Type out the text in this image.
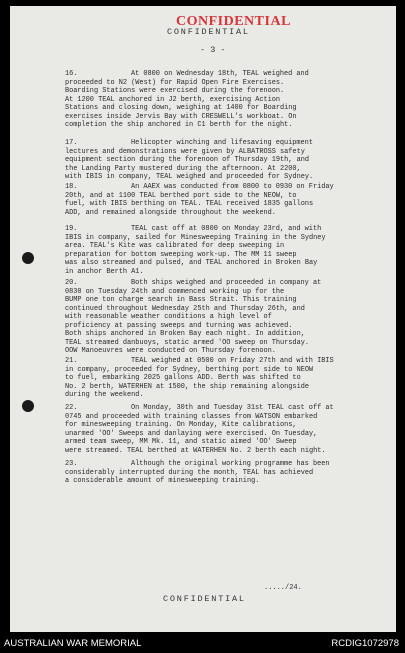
CONFIDENTIAL
CONFIDENTIAL
- 3 -
16.	At 0800 on Wednesday 18th, TEAL weighed and
proceeded to N2 (West) for Rapid Open Fire Exercises.
Boarding Stations were exercised during the forenoon.
At 1200 TEAL anchored in J2 berth, exercising Action
Stations and closing down, weighing at 1400 for Boarding
exercises inside Jervis Bay with CRESWELL's workboat. On
completion the ship anchored in C1 berth for the night.
17.	Helicopter winching and lifesaving equipment
lectures and demonstrations were given by ALBATROSS safety
equipment section during the forenoon of Thursday 19th, and
the Landing Party mustered during the afternoon. At 2200,
with IBIS in company, TEAL weighed and proceeded for Sydney.
18.	An AAEX was conducted from 0800 to 0930 on Friday
20th, and at 1100 TEAL berthed port side to the NEOW, to
fuel, with IBIS berthing on TEAL. TEAL received 1835 gallons
ADD, and remained alongside throughout the weekend.
19.	TEAL cast off at 0800 on Monday 23rd, and with
IBIS in company, sailed for Minesweeping Training in the Sydney
area. TEAL's Kite was calibrated for deep sweeping in
preparation for bottom sweeping work-up. The MM 11 sweep
was also streamed and pulsed, and TEAL anchored in Broken Bay
in anchor Berth A1.
20.	Both ships weighed and proceeded in company at
0830 on Tuesday 24th and commenced working up for the
BUMP one ton charge search in Bass Strait. This training
continued throughout Wednesday 25th and Thursday 26th, and
with reasonable weather conditions a high level of
proficiency at passing sweeps and turning was achieved.
Both ships anchored in Broken Bay each night. In addition,
TEAL streamed danbuoys, static armed 'OO sweep on Thursday.
OOW Manoeuvres were conducted on Thursday forenoon.
21.	TEAL weighed at 0500 on Friday 27th and with IBIS
in company, proceeded for Sydney, berthing port side to NEOW
to fuel, embarking 2025 gallons ADD. Berth was shifted to
No. 2 berth, WATERHEN at 1500, the ship remaining alongside
during the weekend.
22.	On Monday, 30th and Tuesday 31st TEAL cast off at
0745 and proceeded with training classes from WATSON embarked
for minesweeping training. On Monday, Kite calibrations,
unarmed 'OO' Sweeps and danlaying were exercised. On Tuesday,
armed team sweep, MM Mk. 11, and static aimed 'OO' Sweep
were streamed. TEAL berthed at WATERHEN No. 2 berth each night.
23.	Although the original working programme has been
considerably interrupted during the month, TEAL has achieved
a considerable amount of minesweeping training.
...../24.
CONFIDENTIAL
AUSTRALIAN WAR MEMORIAL	RCDIG1072978
